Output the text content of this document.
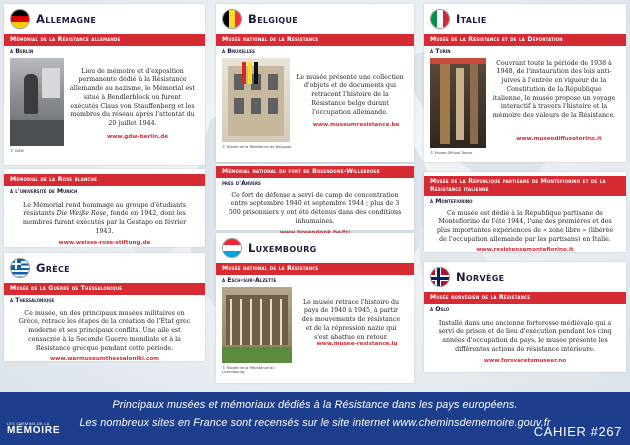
Allemagne
Mémorial de la Résistance allemande
à Berlin
Lieu de mémoire et d'exposition permanente dédié à la Résistance allemande au nazisme, le Mémorial est situé à Bendlerblock où furent exécutés Claus von Stauffenberg et les membres du réseau après l'attentat du 20 juillet 1944.
© GDW
www.gdw-berlin.de
Mémorial de la Rose blanche
à l'université de Munich
Le Mémorial rend hommage au groupe d'étudiants résistants Die Weiße Rose, fondé en 1942, dont les membres furent exécutés par la Gestapo en février 1943.
www.weisse-rose-stiftung.de
Grèce
Musée de la Guerre de Thessalonique
à Thessalonique
Ce musée, un des principaux musées militaires en Grèce, retrace les étapes de la création de l'État grec moderne et ses principaux conflits. Une aile est consacrée à la Seconde Guerre mondiale et à la Résistance grecque pendant cette période.
www.warmuseumthessaloniki.com
Belgique
Musée national de la Résistance
à Bruxelles
Le musée présente une collection d'objets et de documents qui retracent l'histoire de la Résistance belge durant l'occupation allemande.
© Musée de la Résistance de Belgique
www.museumresistance.be
Mémorial national du fort de Breendonk-Willebroek
près d'Anvers
Ce fort de défense a servi de camp de concentration entre septembre 1940 et septembre 1944 ; plus de 3 500 prisonniers y ont été détenus dans des conditions inhumaines.
Luxembourg
Musée national de la Résistance
à Esch-sur-Alzette
Le musée retrace l'histoire du pays de 1940 à 1945, à partir des mouvements de résistance et de la répression nazie qui s'est abattue en retour.
© Musée de la Résistance du Luxembourg
www.musee-resistance.lu
Italie
Musée de la Résistance et de la Déportation
à Turin
Couvrant toute la période de 1938 à 1948, de l'instauration des lois anti-juives à l'entrée en vigueur de la Constitution de la République italienne, le musée propose un voyage interactif à travers l'histoire et la mémoire des valeurs de la Résistance.
© Museo Diffuso Torino
www.museodiffusotorino.it
Musée de la République partisane de Montefiorino et de la Résistance italienne
à Montefiorino
Ce musée est dédié à la République partisane de Montefiorino de l'été 1944, l'une des premières et des plus importantes expériences de « zone libre » (libérée de l'occupation allemande par les partisans) en Italie.
www.resistenzamontefiorino.it
Norvège
Musée norvégien de la Résistance
à Oslo
Installé dans une ancienne forteresse médiévale qui a servi de prison et de lieu d'exécution pendant les cinq années d'occupation du pays, le musée présente les différentes actions de résistance intérieure.
www.forsvaretsmuseer.no
Principaux musées et mémoriaux dédiés à la Résistance dans les pays européens.
Les nombreux sites en France sont recensés sur le site internet www.cheminsdememoire.gouv.fr
LES CHEMINS DE LA
MÉMOIRE	CAHIER #267
